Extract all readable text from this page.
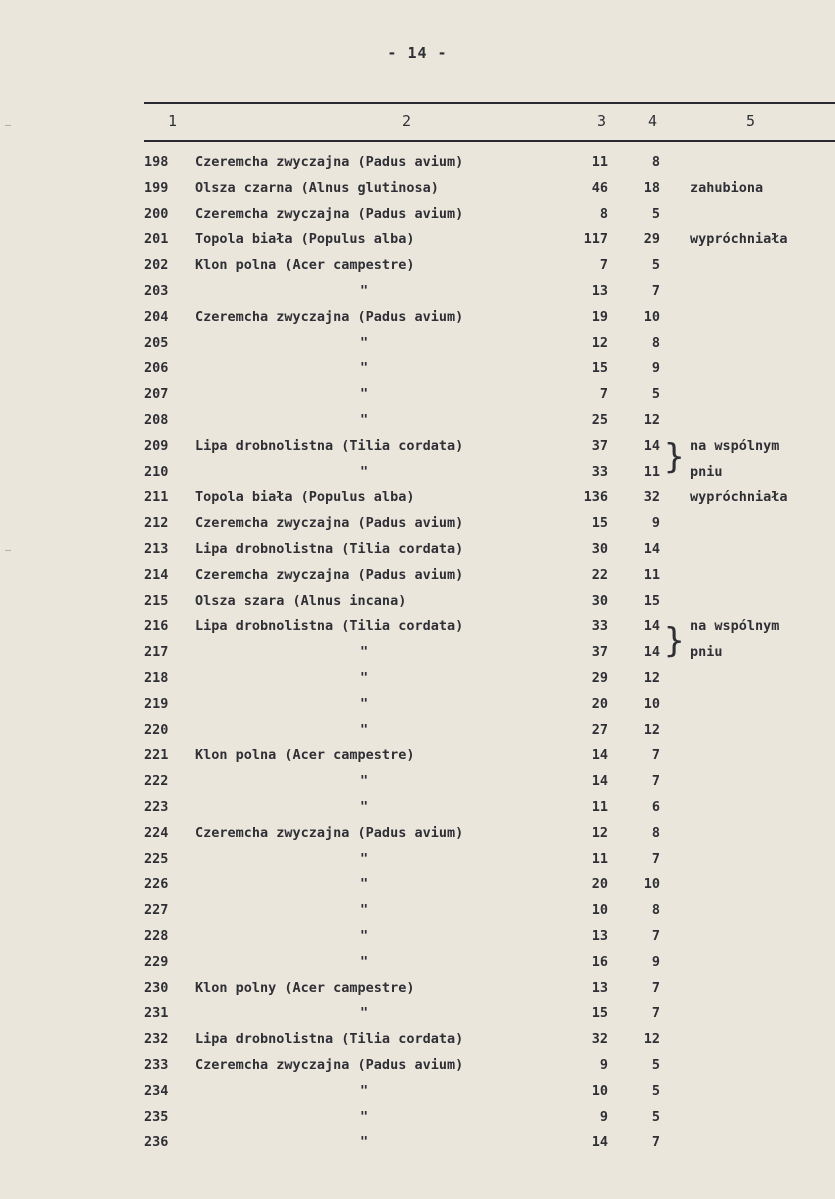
- 14 -
1	2	3	4	5
198	Czeremcha zwyczajna (Padus avium)	11	8
199	Olsza czarna (Alnus glutinosa)	46	18 zahubiona
200	Czeremcha zwyczajna (Padus avium)	8	5
201	Topola biała (Populus alba)	117	29 wypróchniała
202	Klon polna (Acer campestre)	7	5
203	"	13	7
204	Czeremcha zwyczajna (Padus avium)	19	10
205	"	12	8
206	"	15	9
207	"	7	5
208	"	25	12
209	Lipa drobnolistna (Tilia cordata)	37	14 na wspólnym
210	"	33	11 pniu
211	Topola biała (Populus alba)	136	32 wypróchniała
212	Czeremcha zwyczajna (Padus avium)	15	9
213	Lipa drobnolistna (Tilia cordata)	30	14
214	Czeremcha zwyczajna (Padus avium)	22	11
215	Olsza szara (Alnus incana)	30	15
216	Lipa drobnolistna (Tilia cordata)	33	14 na wspólnym
217	"	37	14 pniu
218	"	29	12
219	"	20	10
220	"	27	12
221	Klon polna (Acer campestre)	14	7
222	"	14	7
223	"	11	6
224	Czeremcha zwyczajna (Padus avium)	12	8
225	"	11	7
226	"	20	10
227	"	10	8
228	"	13	7
229	"	16	9
230	Klon polny (Acer campestre)	13	7
231	"	15	7
232	Lipa drobnolistna (Tilia cordata)	32	12
233	Czeremcha zwyczajna (Padus avium)	9	5
234	"	10	5
235	"	9	5
236	"	14	7
}
}
–
–
